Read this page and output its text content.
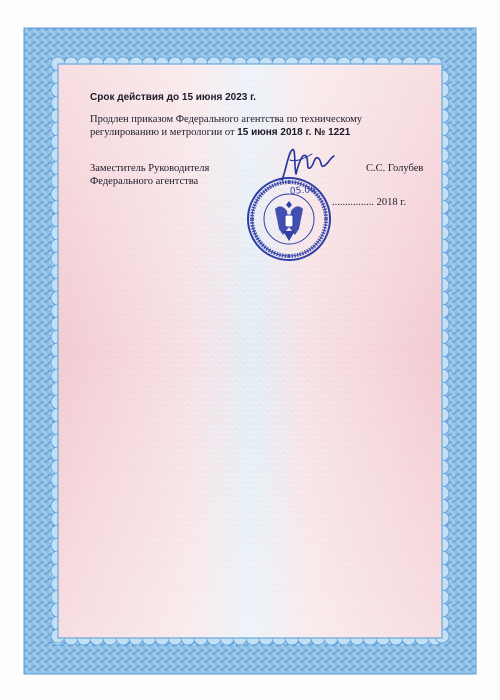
Срок действия до 15 июня 2023 г.
Продлен приказом Федерального агентства по техническому регулированию и метрологии от 15 июня 2018 г. № 1221
Заместитель Руководителя
Федерального агентства
С.С. Голубев
................ 2018 г.
05.06
